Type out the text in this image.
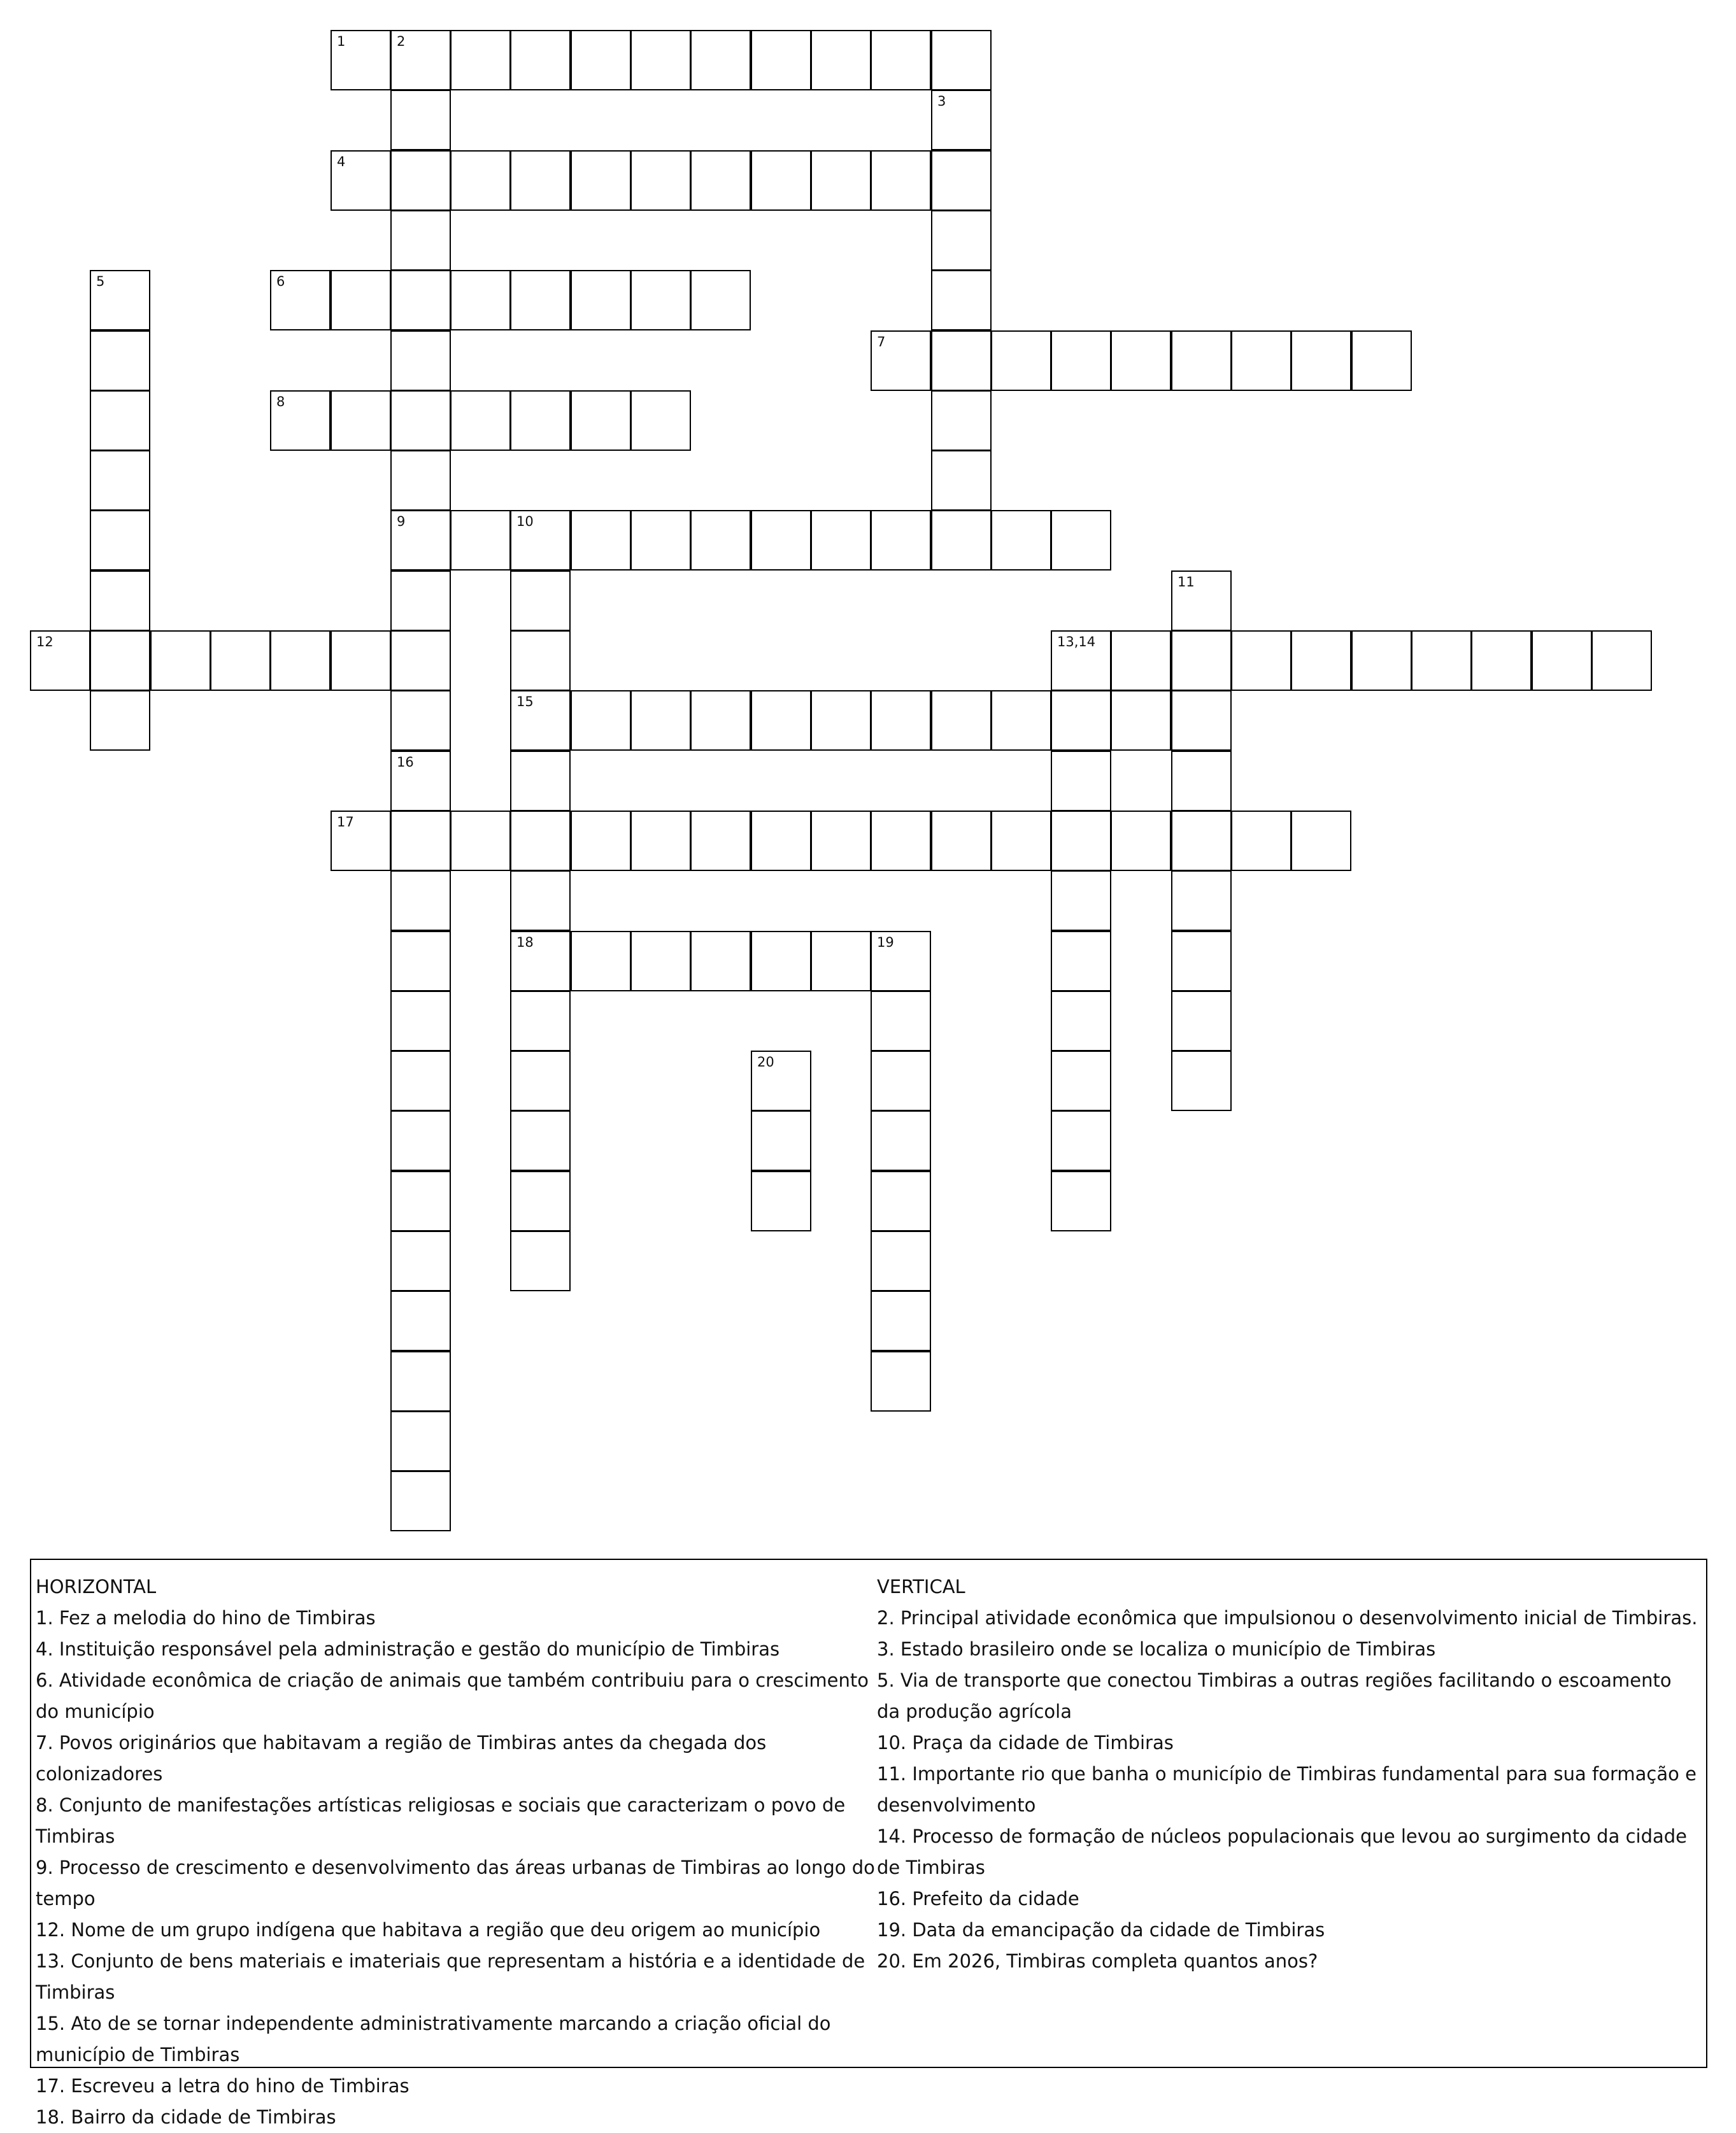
1	2
9
16
3
4
5	6
7
8
10
15
18
11
12	13,14
17
19
20
HORIZONTAL
1. Fez a melodia do hino de Timbiras
4. Instituição responsável pela administração e gestão do município de Timbiras
6. Atividade econômica de criação de animais que também contribuiu para o crescimento do município
7. Povos originários que habitavam a região de Timbiras antes da chegada dos colonizadores
8. Conjunto de manifestações artísticas religiosas e sociais que caracterizam o povo de Timbiras
9. Processo de crescimento e desenvolvimento das áreas urbanas de Timbiras ao longo do tempo
12. Nome de um grupo indígena que habitava a região que deu origem ao município
13. Conjunto de bens materiais e imateriais que representam a história e a identidade de Timbiras
15. Ato de se tornar independente administrativamente marcando a criação oficial do município de Timbiras
17. Escreveu a letra do hino de Timbiras
18. Bairro da cidade de Timbiras
VERTICAL
2. Principal atividade econômica que impulsionou o desenvolvimento inicial de Timbiras.
3. Estado brasileiro onde se localiza o município de Timbiras
5. Via de transporte que conectou Timbiras a outras regiões facilitando o escoamento da produção agrícola
10. Praça da cidade de Timbiras
11. Importante rio que banha o município de Timbiras fundamental para sua formação e desenvolvimento
14. Processo de formação de núcleos populacionais que levou ao surgimento da cidade de Timbiras
16. Prefeito da cidade
19. Data da emancipação da cidade de Timbiras
20. Em 2026, Timbiras completa quantos anos?
